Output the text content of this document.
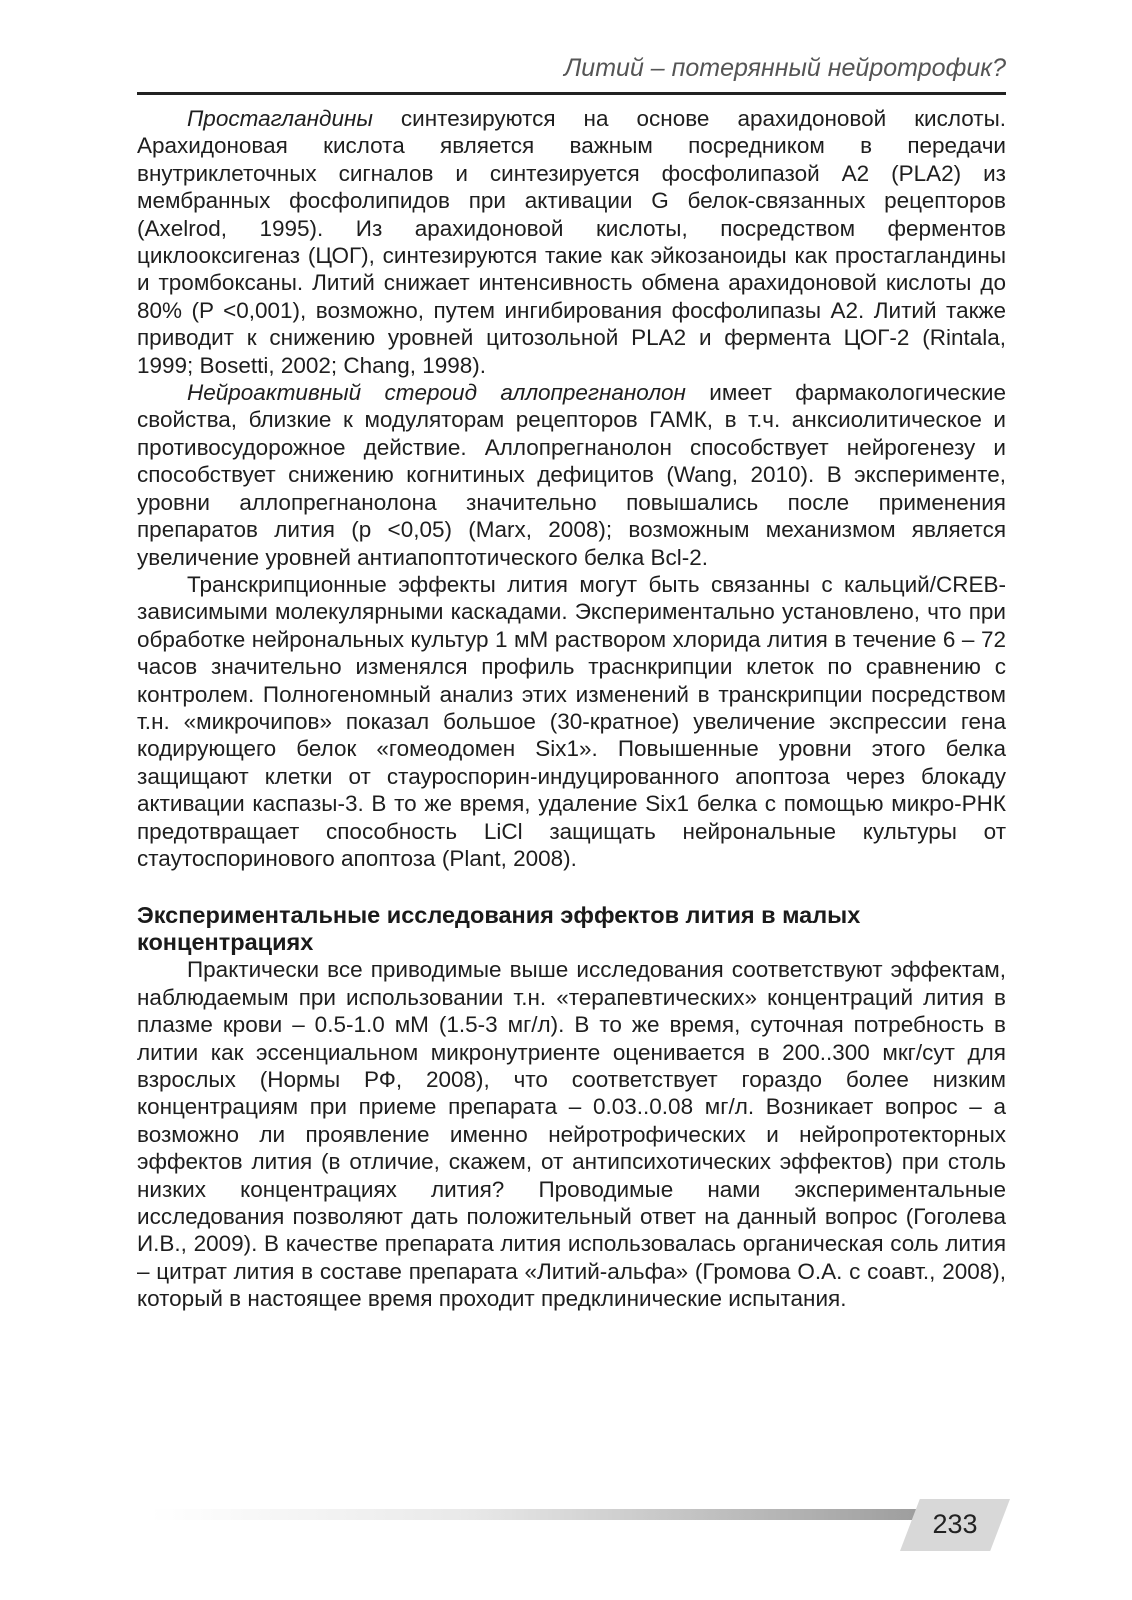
Литий – потерянный нейротрофик?

Простагландины синтезируются на основе арахидоновой кислоты. Арахидоновая кислота является важным посредником в передачи внутриклеточных сигналов и синтезируется фосфолипазой А2 (PLA2) из мембранных фосфолипидов при активации G белок-связанных рецепторов (Axelrod, 1995). Из арахидоновой кислоты, посредством ферментов циклооксигеназ (ЦОГ), синтезируются такие как эйкозаноиды как простагландины и тромбоксаны. Литий снижает интенсивность обмена арахидоновой кислоты до 80% (P <0,001), возможно, путем ингибирования фосфолипазы А2. Литий также приводит к снижению уровней цитозольной PLA2 и фермента ЦОГ-2 (Rintala, 1999; Bosetti, 2002; Chang, 1998).

Нейроактивный стероид аллопрегнанолон имеет фармакологические свойства, близкие к модуляторам рецепторов ГАМК, в т.ч. анксиолитическое и противосудорожное действие. Аллопрегнанолон способствует нейрогенезу и способствует снижению когнитиных дефицитов (Wang, 2010). В эксперименте, уровни аллопрегнанолона значительно повышались после применения препаратов лития (p <0,05) (Marx, 2008); возможным механизмом является увеличение уровней антиапоптотического белка Bcl-2.

Транскрипционные эффекты лития могут быть связанны с кальций/CREB-зависимыми молекулярными каскадами. Экспериментально установлено, что при обработке нейрональных культур 1 мМ раствором хлорида лития в течение 6 – 72 часов значительно изменялся профиль траснкрипции клеток по сравнению с контролем. Полногеномный анализ этих изменений в транскрипции посредством т.н. «микрочипов» показал большое (30-кратное) увеличение экспрессии гена кодирующего белок «гомеодомен Six1». Повышенные уровни этого белка защищают клетки от стауроспорин-индуцированного апоптоза через блокаду активации каспазы-3. В то же время, удаление Six1 белка с помощью микро-РНК предотвращает способность LiCl защищать нейрональные культуры от стаутоспоринового апоптоза (Plant, 2008).

Экспериментальные исследования эффектов лития в малых концентрациях

Практически все приводимые выше исследования соответствуют эффектам, наблюдаемым при использовании т.н. «терапевтических» концентраций лития в плазме крови – 0.5-1.0 мМ (1.5-3 мг/л). В то же время, суточная потребность в литии как эссенциальном микронутриенте оценивается в 200..300 мкг/сут для взрослых (Нормы РФ, 2008), что соответствует гораздо более низким концентрациям при приеме препарата – 0.03..0.08 мг/л. Возникает вопрос – а возможно ли проявление именно нейротрофических и нейропротекторных эффектов лития (в отличие, скажем, от антипсихотических эффектов) при столь низких концентрациях лития? Проводимые нами экспериментальные исследования позволяют дать положительный ответ на данный вопрос (Гоголева И.В., 2009). В качестве препарата лития использовалась органическая соль лития – цитрат лития в составе препарата «Литий-альфа» (Громова О.А. с соавт., 2008), который в настоящее время проходит предклинические испытания.

233
